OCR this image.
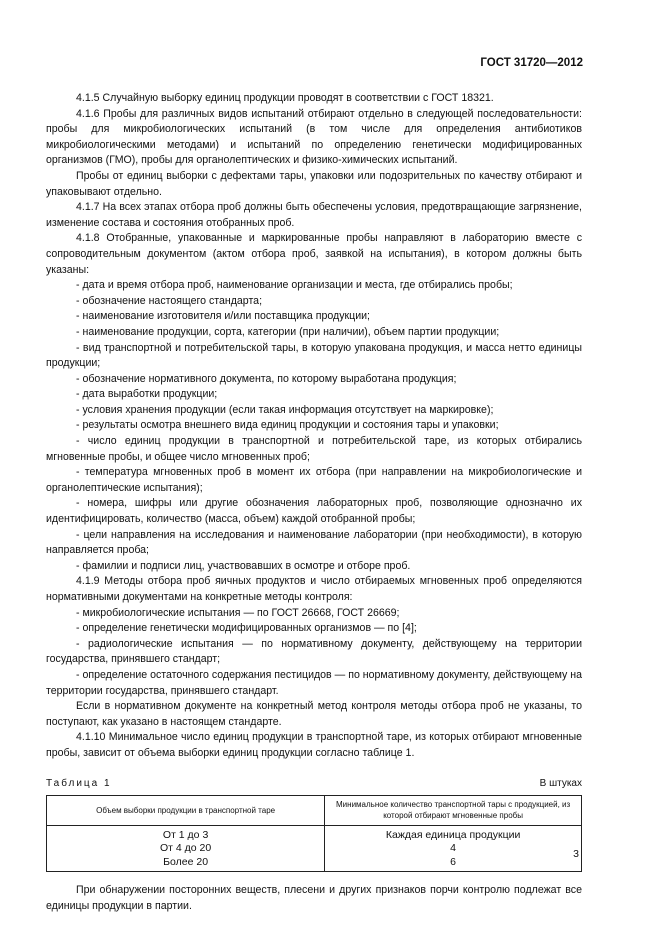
ГОСТ 31720—2012

4.1.5 Случайную выборку единиц продукции проводят в соответствии с ГОСТ 18321.

4.1.6 Пробы для различных видов испытаний отбирают отдельно в следующей последовательности: пробы для микробиологических испытаний (в том числе для определения антибиотиков микробиологическими методами) и испытаний по определению генетически модифицированных организмов (ГМО), пробы для органолептических и физико-химических испытаний.

Пробы от единиц выборки с дефектами тары, упаковки или подозрительных по качеству отбирают и упаковывают отдельно.

4.1.7 На всех этапах отбора проб должны быть обеспечены условия, предотвращающие загрязнение, изменение состава и состояния отобранных проб.

4.1.8 Отобранные, упакованные и маркированные пробы направляют в лабораторию вместе с сопроводительным документом (актом отбора проб, заявкой на испытания), в котором должны быть указаны:

- дата и время отбора проб, наименование организации и места, где отбирались пробы;

- обозначение настоящего стандарта;

- наименование изготовителя и/или поставщика продукции;

- наименование продукции, сорта, категории (при наличии), объем партии продукции;

- вид транспортной и потребительской тары, в которую упакована продукция, и масса нетто единицы продукции;

- обозначение нормативного документа, по которому выработана продукция;

- дата выработки продукции;

- условия хранения продукции (если такая информация отсутствует на маркировке);

- результаты осмотра внешнего вида единиц продукции и состояния тары и упаковки;

- число единиц продукции в транспортной и потребительской таре, из которых отбирались мгновенные пробы, и общее число мгновенных проб;

- температура мгновенных проб в момент их отбора (при направлении на микробиологические и органолептические испытания);

- номера, шифры или другие обозначения лабораторных проб, позволяющие однозначно их идентифицировать, количество (масса, объем) каждой отобранной пробы;

- цели направления на исследования и наименование лаборатории (при необходимости), в которую направляется проба;

- фамилии и подписи лиц, участвовавших в осмотре и отборе проб.

4.1.9 Методы отбора проб яичных продуктов и число отбираемых мгновенных проб определяются нормативными документами на конкретные методы контроля:

- микробиологические испытания — по ГОСТ 26668, ГОСТ 26669;

- определение генетически модифицированных организмов — по [4];

- радиологические испытания — по нормативному документу, действующему на территории государства, принявшего стандарт;

- определение остаточного содержания пестицидов — по нормативному документу, действующему на территории государства, принявшего стандарт.

Если в нормативном документе на конкретный метод контроля методы отбора проб не указаны, то поступают, как указано в настоящем стандарте.

4.1.10 Минимальное число единиц продукции в транспортной таре, из которых отбирают мгновенные пробы, зависит от объема выборки единиц продукции согласно таблице 1.

Таблица 1	В штуках
Объем выборки продукции в транспортной таре	Минимальное количество транспортной тары с продукцией, из которой отбирают мгновенные пробы
От 1 до 3	Каждая единица продукции
От 4 до 20	4
Более 20	6

При обнаружении посторонних веществ, плесени и других признаков порчи контролю подлежат все единицы продукции в партии.

3
